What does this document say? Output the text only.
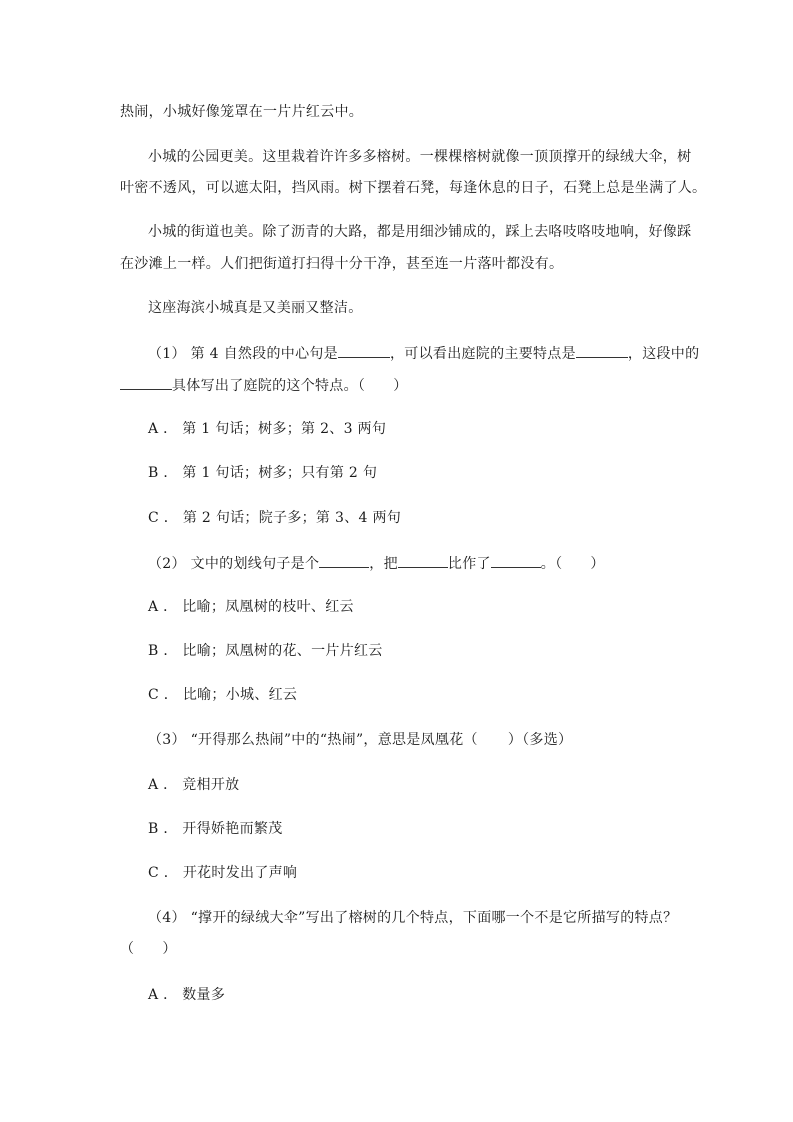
热闹，小城好像笼罩在一片片红云中。
小城的公园更美。这里栽着许许多多榕树。一棵棵榕树就像一顶顶撑开的绿绒大伞，树
叶密不透风，可以遮太阳，挡风雨。树下摆着石凳，每逢休息的日子，石凳上总是坐满了人。
小城的街道也美。除了沥青的大路，都是用细沙铺成的，踩上去咯吱咯吱地响，好像踩
在沙滩上一样。人们把街道打扫得十分干净，甚至连一片落叶都没有。
这座海滨小城真是又美丽又整洁。
（1） 第 4 自然段的中心句是	，可以看出庭院的主要特点是	，这段中的
具体写出了庭院的这个特点。（ ）
A ． 第 1 句话；树多；第 2、3 两句
B ． 第 1 句话；树多；只有第 2 句
C ． 第 2 句话；院子多；第 3、4 两句
（2） 文中的划线句子是个	，把	比作了	。（ ）
A ． 比喻；凤凰树的枝叶、红云
B ． 比喻；凤凰树的花、一片片红云
C ． 比喻；小城、红云
（3） “开得那么热闹”中的“热闹”，意思是凤凰花（ ）（多选）
A ． 竞相开放
B ． 开得娇艳而繁茂
C ． 开花时发出了声响
（4） “撑开的绿绒大伞”写出了榕树的几个特点，下面哪一个不是它所描写的特点？
（ ）
A ． 数量多
